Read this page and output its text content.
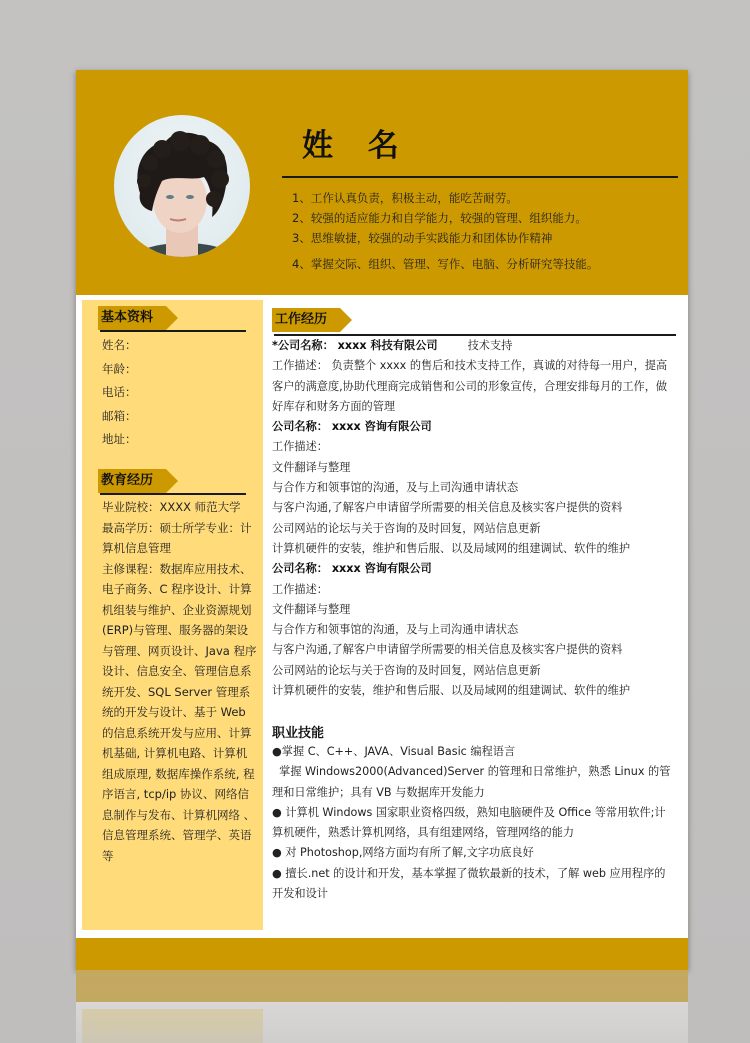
姓 名
1、工作认真负责，积极主动，能吃苦耐劳。
2、较强的适应能力和自学能力，较强的管理、组织能力。
3、思维敏捷，较强的动手实践能力和团体协作精神
4、掌握交际、组织、管理、写作、电脑、分析研究等技能。
基本资料
姓名：
年龄：
电话：
邮箱：
地址：
教育经历

毕业院校：XXXX 师范大学

最高学历：硕士所学专业：计算机信息管理

主修课程：数据库应用技术、电子商务、C 程序设计、计算机组装与维护、企业资源规划(ERP)与管理、服务器的架设与管理、网页设计、Java 程序设计、信息安全、管理信息系统开发、SQL Server 管理系统的开发与设计、基于 Web 的信息系统开发与应用、计算机基础, 计算机电路、计算机组成原理, 数据库操作系统, 程序语言, tcp/ip 协议、网络信息制作与发布、计算机网络 、信息管理系统、管理学、英语等

工作经历

*公司名称： xxxx 科技有限公司	技术支持

工作描述： 负责整个 xxxx 的售后和技术支持工作，真诚的对待每一用户，提高客户的满意度,协助代理商完成销售和公司的形象宣传，合理安排每月的工作，做好库存和财务方面的管理

公司名称： xxxx 咨询有限公司

工作描述：

文件翻译与整理

与合作方和领事馆的沟通，及与上司沟通申请状态

与客户沟通,了解客户申请留学所需要的相关信息及核实客户提供的资料

公司网站的论坛与关于咨询的及时回复，网站信息更新

计算机硬件的安装，维护和售后服、以及局域网的组建调试、软件的维护

公司名称： xxxx 咨询有限公司

工作描述：

文件翻译与整理

与合作方和领事馆的沟通，及与上司沟通申请状态

与客户沟通,了解客户申请留学所需要的相关信息及核实客户提供的资料

公司网站的论坛与关于咨询的及时回复，网站信息更新

计算机硬件的安装，维护和售后服、以及局域网的组建调试、软件的维护

职业技能

●掌握 C、C++、JAVA、Visual Basic 编程语言

掌握 Windows2000(Advanced)Server 的管理和日常维护，熟悉 Linux 的管理和日常维护；具有 VB 与数据库开发能力

● 计算机 Windows 国家职业资格四级，熟知电脑硬件及 Office 等常用软件;计算机硬件，熟悉计算机网络，具有组建网络，管理网络的能力

● 对 Photoshop,网络方面均有所了解,文字功底良好

● 擅长.net 的设计和开发，基本掌握了微软最新的技术，了解 web 应用程序的开发和设计
